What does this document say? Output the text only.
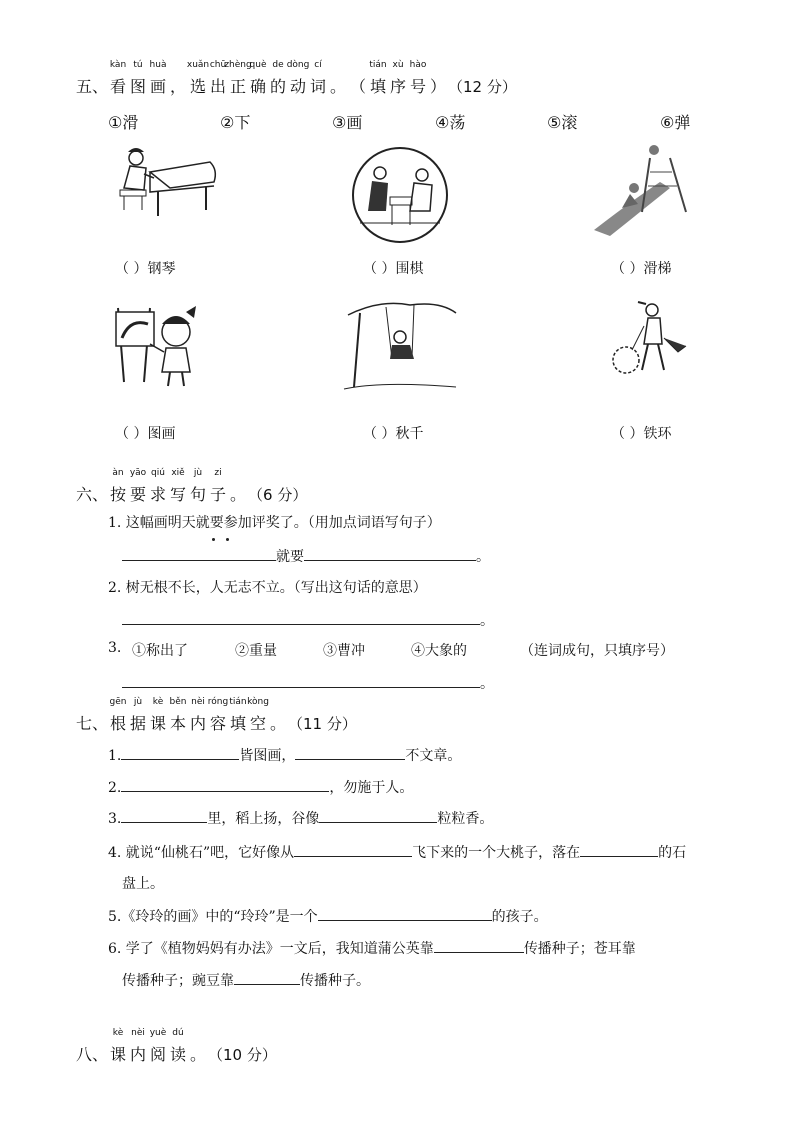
五、
kàn
看
tú
图
huà
画 ，
xuǎn
选
chū
出
zhèng
正
què
确
de
的
dòng
动
cí
词 。 （
tián
填
xù
序
hào
号 ） （12 分）
①滑	②下	③画	④荡	⑤滚	⑥弹
（ ）钢琴	（ ）围棋	（ ）滑梯
（ ）图画	（ ）秋千	（ ）铁环
六、
àn
按
yāo
要
qiú
求
xiě
写
jù
句
zi
子 。 （6 分）
1. 这幅画明天就要参加评奖了。（用加点词语写句子）
就要	。
2. 树无根不长，人无志不立。（写出这句话的意思）
。
3. ①称出了	②重量	③曹冲	④大象的	（连词成句，只填序号）
。
七、
gēn
根
jù
据
kè
课
běn
本
nèi
内
róng
容
tián
填
kòng
空 。 （11 分）
1.	皆图画，	不文章。
2.	，勿施于人。
3.	里，稻上扬，谷像	粒粒香。
4. 就说“仙桃石”吧，它好像从	飞下来的一个大桃子，落在	的石
盘上。
5.《玲玲的画》中的“玲玲”是一个	的孩子。
6. 学了《植物妈妈有办法》一文后，我知道蒲公英靠	传播种子；苍耳靠
传播种子；豌豆靠	传播种子。
八、
kè
课
nèi
内
yuè
阅
dú
读 。 （10 分）
